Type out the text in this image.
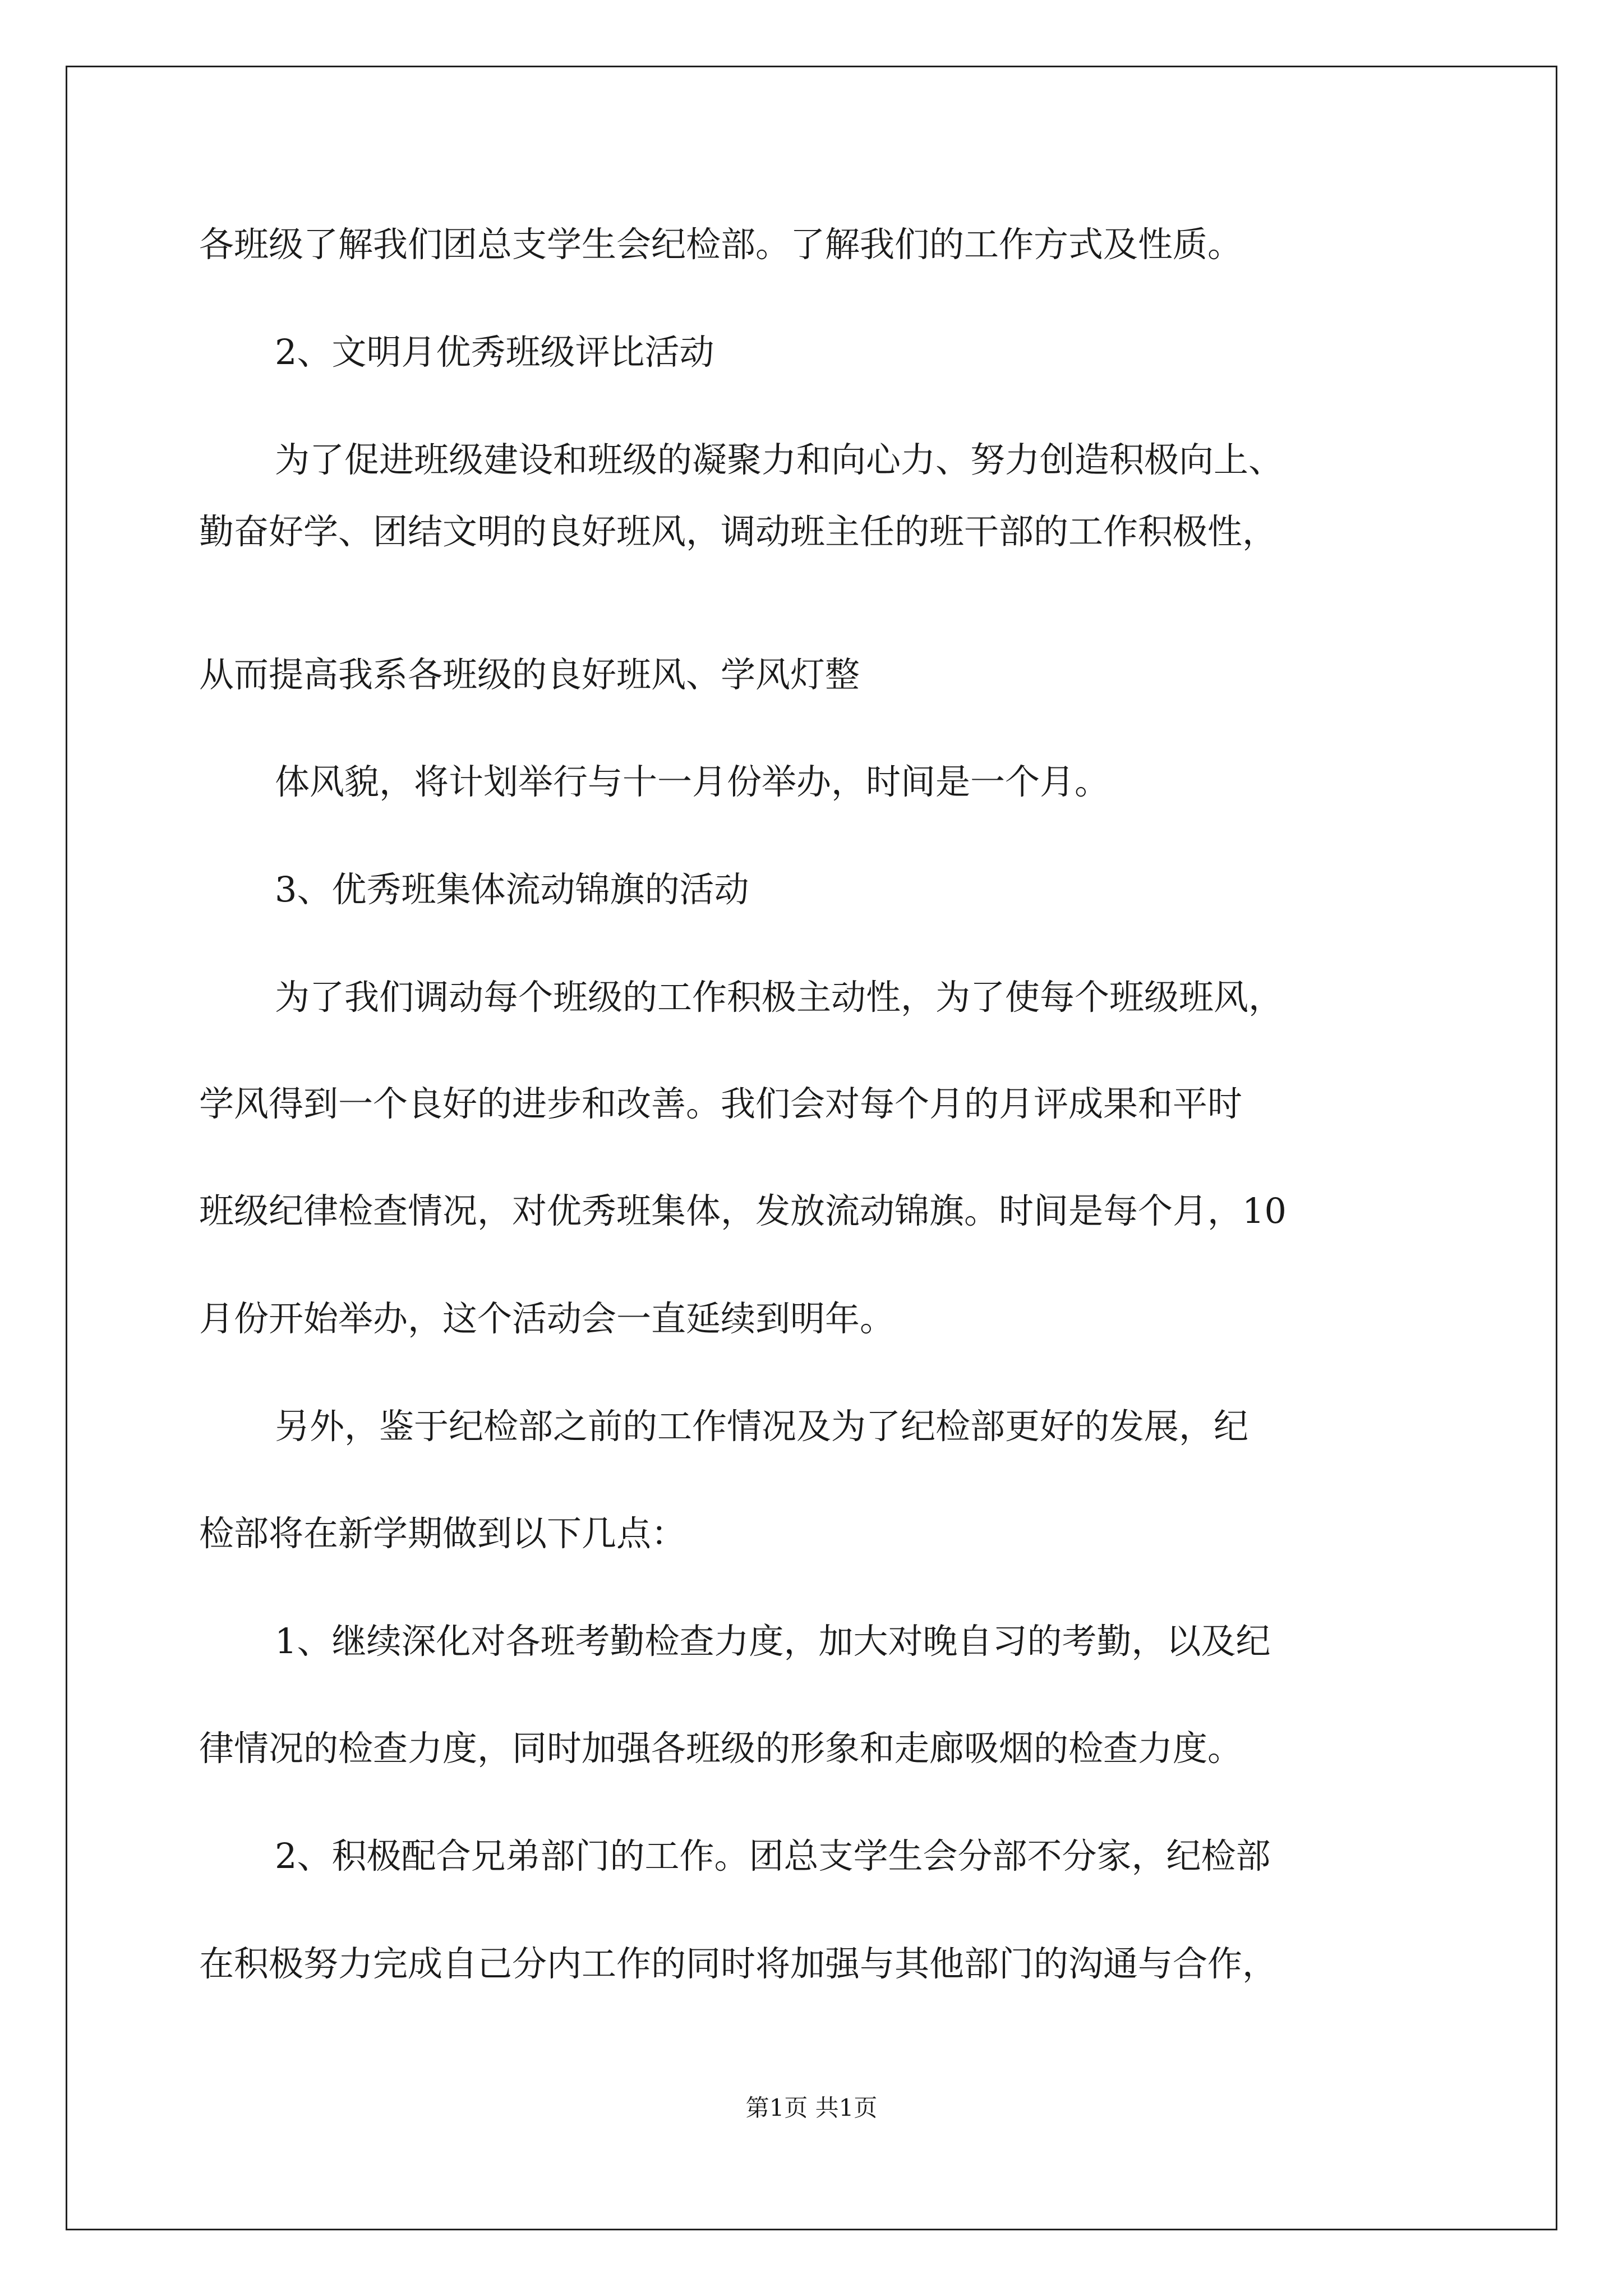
各班级了解我们团总支学生会纪检部。了解我们的工作方式及性质。
2、文明月优秀班级评比活动
为了促进班级建设和班级的凝聚力和向心力、努力创造积极向上、
勤奋好学、团结文明的良好班风，调动班主任的班干部的工作积极性，
从而提高我系各班级的良好班风、学风灯整
体风貌，将计划举行与十一月份举办，时间是一个月。
3、优秀班集体流动锦旗的活动
为了我们调动每个班级的工作积极主动性，为了使每个班级班风，
学风得到一个良好的进步和改善。我们会对每个月的月评成果和平时
班级纪律检查情况，对优秀班集体，发放流动锦旗。时间是每个月，10
月份开始举办，这个活动会一直延续到明年。
另外，鉴于纪检部之前的工作情况及为了纪检部更好的发展，纪
检部将在新学期做到以下几点：
1、继续深化对各班考勤检查力度，加大对晚自习的考勤，以及纪
律情况的检查力度，同时加强各班级的形象和走廊吸烟的检查力度。
2、积极配合兄弟部门的工作。团总支学生会分部不分家，纪检部
在积极努力完成自己分内工作的同时将加强与其他部门的沟通与合作，
第1页 共1页
